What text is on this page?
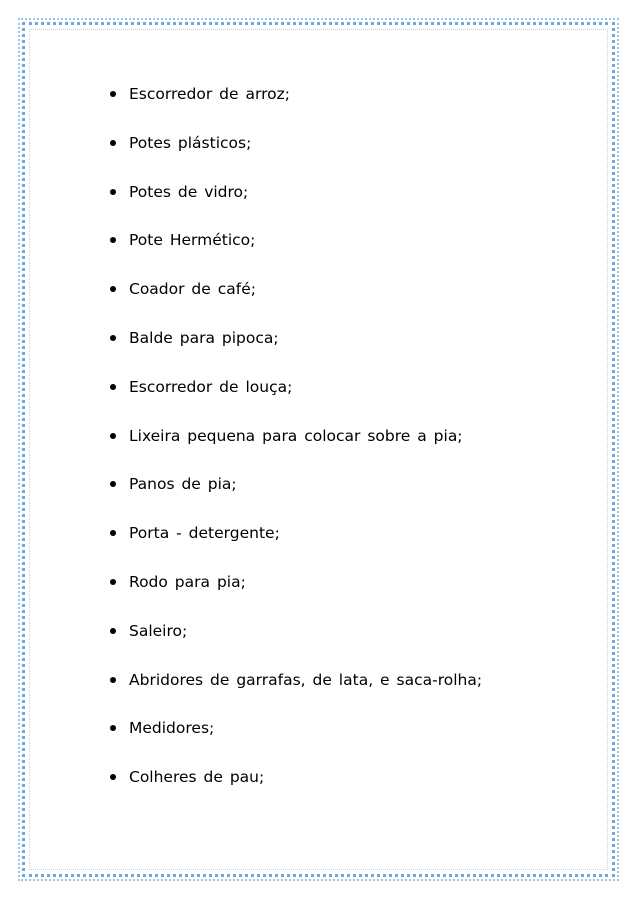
Escorredor de arroz;
Potes plásticos;
Potes de vidro;
Pote Hermético;
Coador de café;
Balde para pipoca;
Escorredor de louça;
Lixeira pequena para colocar sobre a pia;
Panos de pia;
Porta - detergente;
Rodo para pia;
Saleiro;
Abridores de garrafas, de lata, e saca-rolha;
Medidores;
Colheres de pau;
